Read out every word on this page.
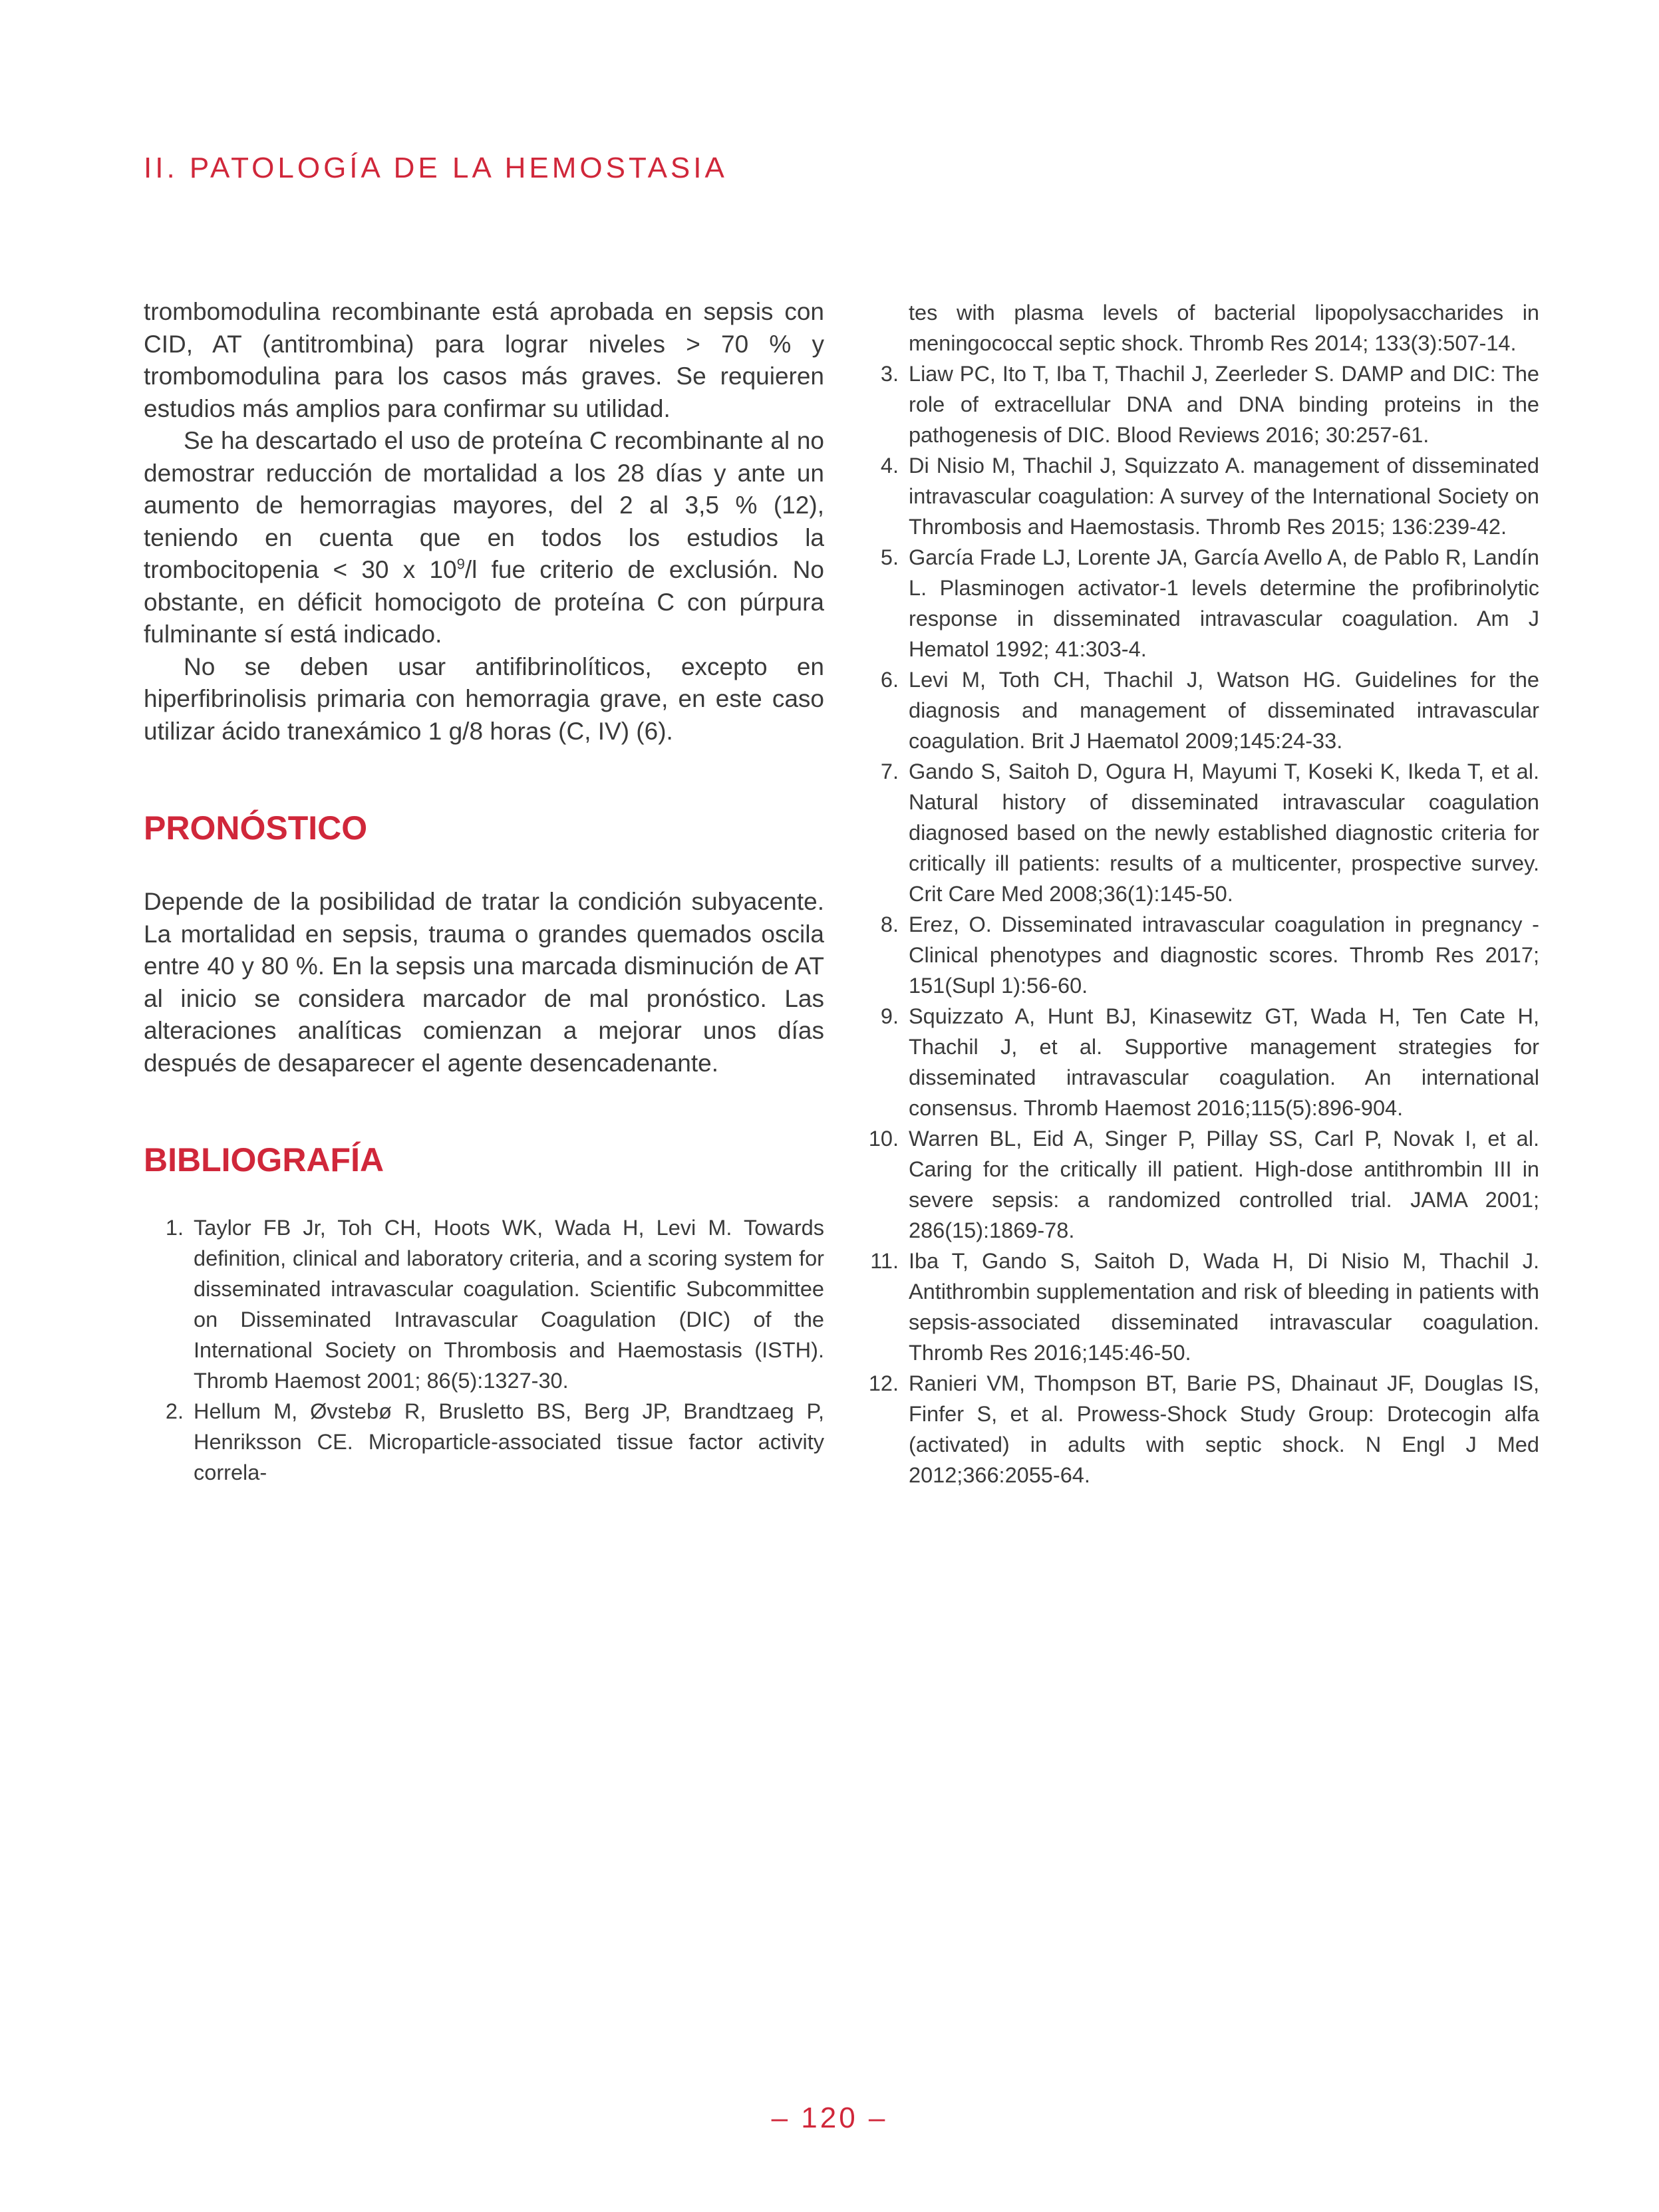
II. PATOLOGÍA DE LA HEMOSTASIA

trombomodulina recombinante está aprobada en sepsis con CID, AT (antitrombina) para lograr niveles > 70 % y trombomodulina para los casos más graves. Se requieren estudios más amplios para confirmar su utilidad.

Se ha descartado el uso de proteína C recombinante al no demostrar reducción de mortalidad a los 28 días y ante un aumento de hemorragias mayores, del 2 al 3,5 % (12), teniendo en cuenta que en todos los estudios la trombocitopenia < 30 x $10^9/l$ fue criterio de exclusión. No obstante, en déficit homocigoto de proteína C con púrpura fulminante sí está indicado.

No se deben usar antifibrinolíticos, excepto en hiperfibrinolisis primaria con hemorragia grave, en este caso utilizar ácido tranexámico 1 g/8 horas (C, IV) (6).

PRONÓSTICO

Depende de la posibilidad de tratar la condición subyacente. La mortalidad en sepsis, trauma o grandes quemados oscila entre 40 y 80 %. En la sepsis una marcada disminución de AT al inicio se considera marcador de mal pronóstico. Las alteraciones analíticas comienzan a mejorar unos días después de desaparecer el agente desencadenante.

BIBLIOGRAFÍA
1. Taylor FB Jr, Toh CH, Hoots WK, Wada H, Levi M. Towards definition, clinical and laboratory criteria, and a scoring system for disseminated intravascular coagulation. Scientific Subcommittee on Disseminated Intravascular Coagulation (DIC) of the International Society on Thrombosis and Haemostasis (ISTH). Thromb Haemost 2001; 86(5):1327-30.
2. Hellum M, Øvstebø R, Brusletto BS, Berg JP, Brandtzaeg P, Henriksson CE. Microparticle-associated tissue factor activity correla-
tes with plasma levels of bacterial lipopolysaccharides in meningococcal septic shock. Thromb Res 2014; 133(3):507-14.
3. Liaw PC, Ito T, Iba T, Thachil J, Zeerleder S. DAMP and DIC: The role of extracellular DNA and DNA binding proteins in the pathogenesis of DIC. Blood Reviews 2016; 30:257-61.
4. Di Nisio M, Thachil J, Squizzato A. management of disseminated intravascular coagulation: A survey of the International Society on Thrombosis and Haemostasis. Thromb Res 2015; 136:239-42.
5. García Frade LJ, Lorente JA, García Avello A, de Pablo R, Landín L. Plasminogen activator-1 levels determine the profibrinolytic response in disseminated intravascular coagulation. Am J Hematol 1992; 41:303-4.
6. Levi M, Toth CH, Thachil J, Watson HG. Guidelines for the diagnosis and management of disseminated intravascular coagulation. Brit J Haematol 2009;145:24-33.
7. Gando S, Saitoh D, Ogura H, Mayumi T, Koseki K, Ikeda T, et al. Natural history of disseminated intravascular coagulation diagnosed based on the newly established diagnostic criteria for critically ill patients: results of a multicenter, prospective survey. Crit Care Med 2008;36(1):145-50.
8. Erez, O. Disseminated intravascular coagulation in pregnancy - Clinical phenotypes and diagnostic scores. Thromb Res 2017; 151(Supl 1):56-60.
9. Squizzato A, Hunt BJ, Kinasewitz GT, Wada H, Ten Cate H, Thachil J, et al. Supportive management strategies for disseminated intravascular coagulation. An international consensus. Thromb Haemost 2016;115(5):896-904.
10. Warren BL, Eid A, Singer P, Pillay SS, Carl P, Novak I, et al. Caring for the critically ill patient. High-dose antithrombin III in severe sepsis: a randomized controlled trial. JAMA 2001; 286(15):1869-78.
11. Iba T, Gando S, Saitoh D, Wada H, Di Nisio M, Thachil J. Antithrombin supplementation and risk of bleeding in patients with sepsis-associated disseminated intravascular coagulation. Thromb Res 2016;145:46-50.
12. Ranieri VM, Thompson BT, Barie PS, Dhainaut JF, Douglas IS, Finfer S, et al. Prowess-Shock Study Group: Drotecogin alfa (activated) in adults with septic shock. N Engl J Med 2012;366:2055-64.
– 120 –
